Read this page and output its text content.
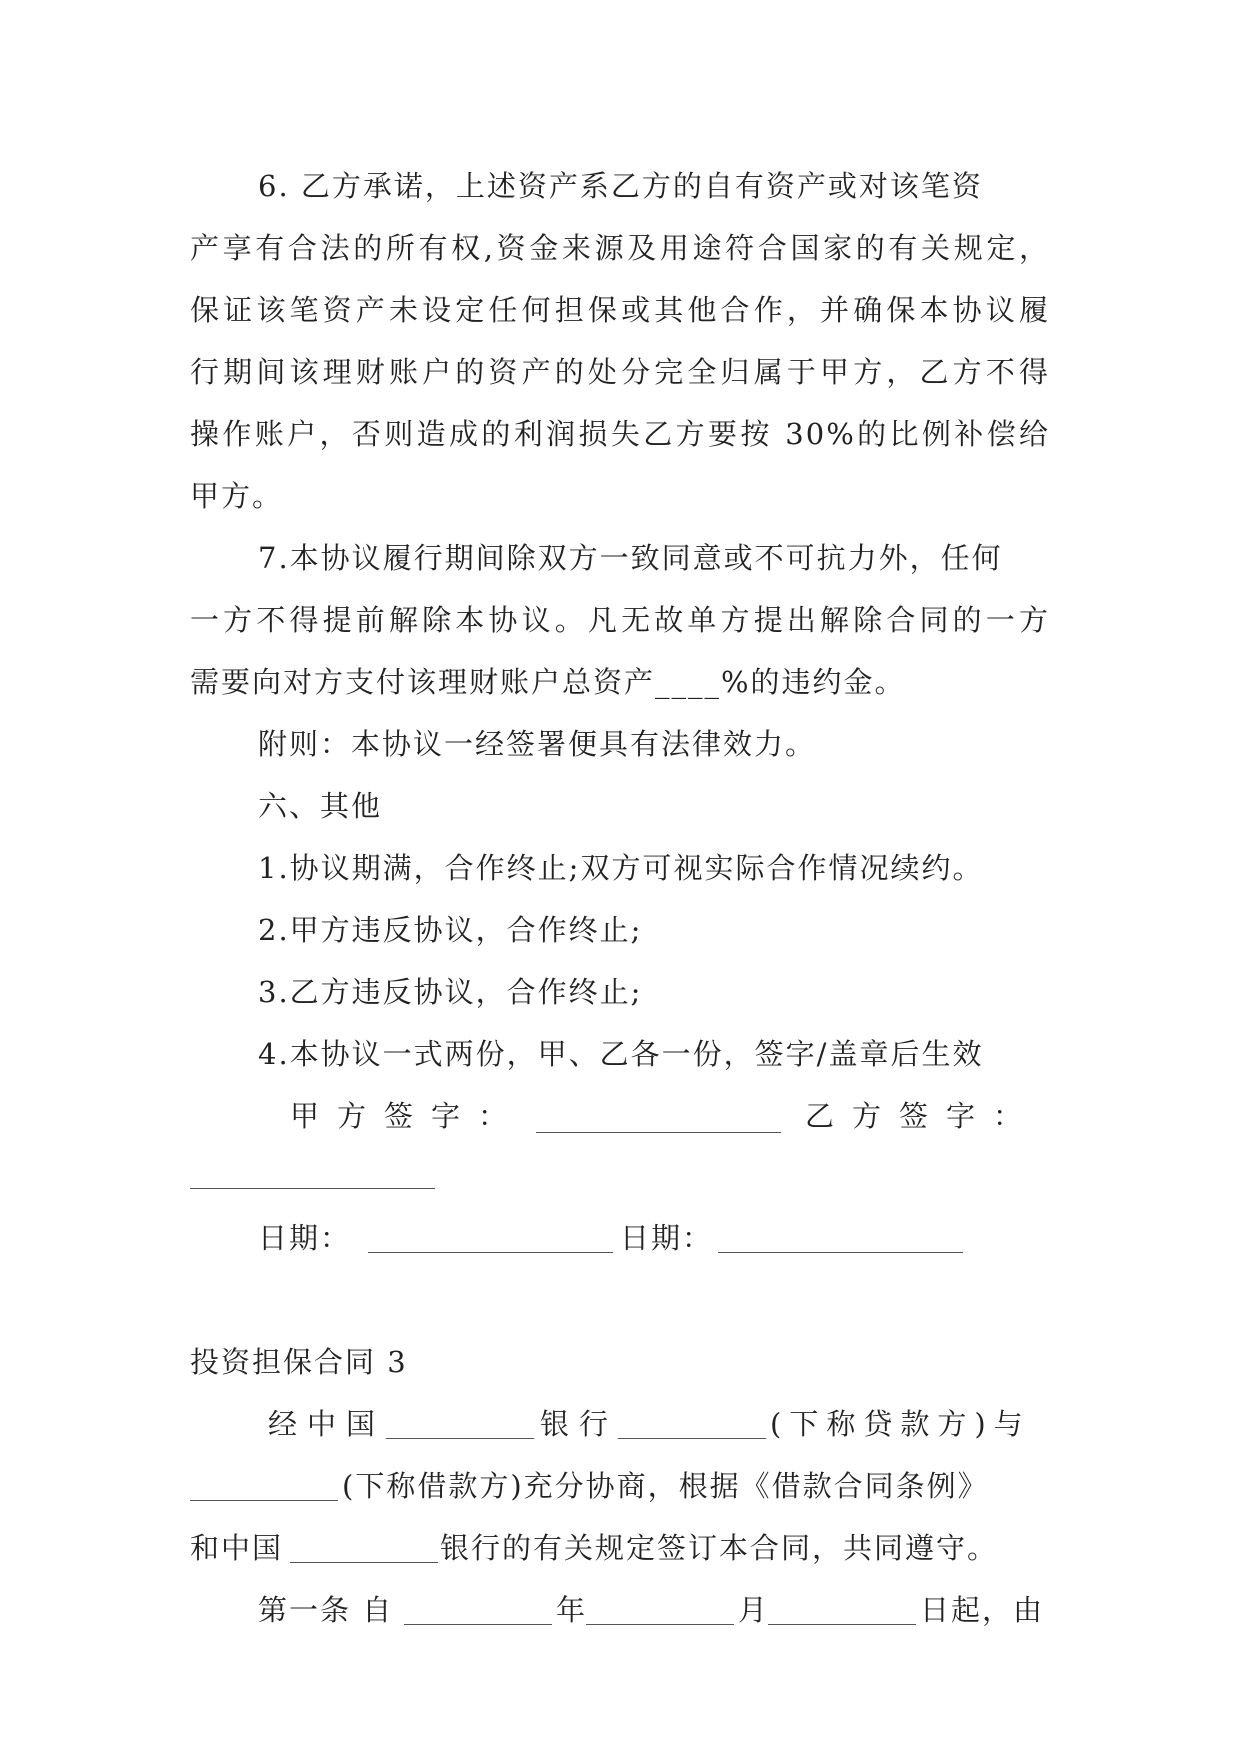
6. 乙方承诺，上述资产系乙方的自有资产或对该笔资
产享有合法的所有权,资金来源及用途符合国家的有关规定，
保证该笔资产未设定任何担保或其他合作，并确保本协议履
行期间该理财账户的资产的处分完全归属于甲方，乙方不得
操作账户，否则造成的利润损失乙方要按 30%的比例补偿给
甲方。
7.本协议履行期间除双方一致同意或不可抗力外，任何
一方不得提前解除本协议。凡无故单方提出解除合同的一方
需要向对方支付该理财账户总资产____%的违约金。
附则：本协议一经签署便具有法律效力。
六、其他
1.协议期满，合作终止;双方可视实际合作情况续约。
2.甲方违反协议，合作终止;
3.乙方违反协议，合作终止;
4.本协议一式两份，甲、乙各一份，签字/盖章后生效
甲方签字：	乙方签字：
日期：	日期：
投资担保合同 3
经中国	银行	(下称贷款方)与
(下称借款方)充分协商，根据《借款合同条例》
和中国	银行的有关规定签订本合同，共同遵守。
第一条 自	年	月	日起，由
